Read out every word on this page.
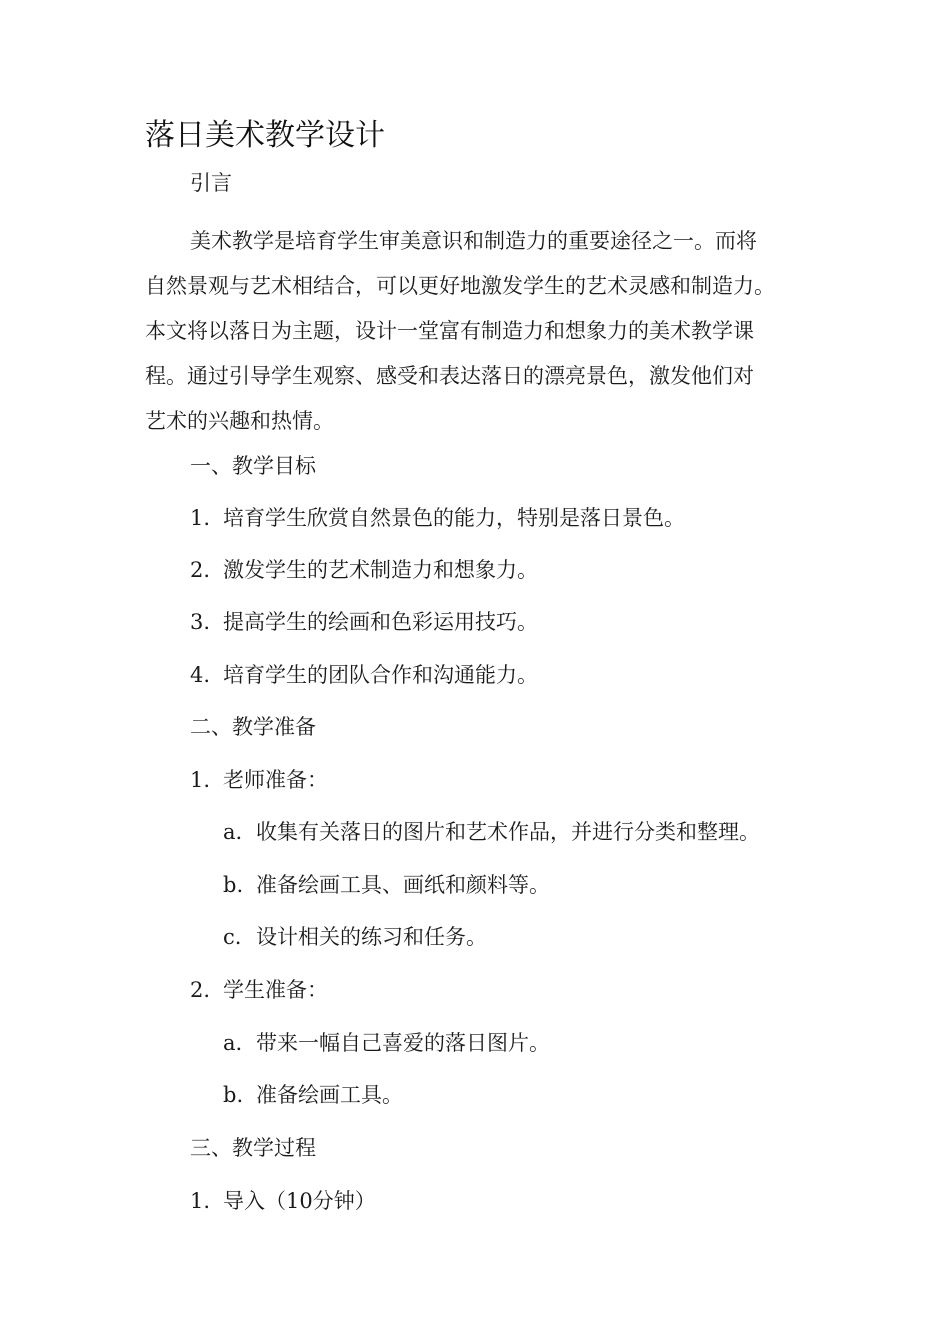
落日美术教学设计

引言

美术教学是培育学生审美意识和制造力的重要途径之一。而将
自然景观与艺术相结合，可以更好地激发学生的艺术灵感和制造力。
本文将以落日为主题，设计一堂富有制造力和想象力的美术教学课
程。通过引导学生观察、感受和表达落日的漂亮景色，激发他们对
艺术的兴趣和热情。

一、教学目标

1. 培育学生欣赏自然景色的能力，特别是落日景色。

2. 激发学生的艺术制造力和想象力。

3. 提高学生的绘画和色彩运用技巧。

4. 培育学生的团队合作和沟通能力。

二、教学准备

1. 老师准备：

a. 收集有关落日的图片和艺术作品，并进行分类和整理。

b. 准备绘画工具、画纸和颜料等。

c. 设计相关的练习和任务。

2. 学生准备：

a. 带来一幅自己喜爱的落日图片。

b. 准备绘画工具。

三、教学过程

1. 导入（10分钟）
